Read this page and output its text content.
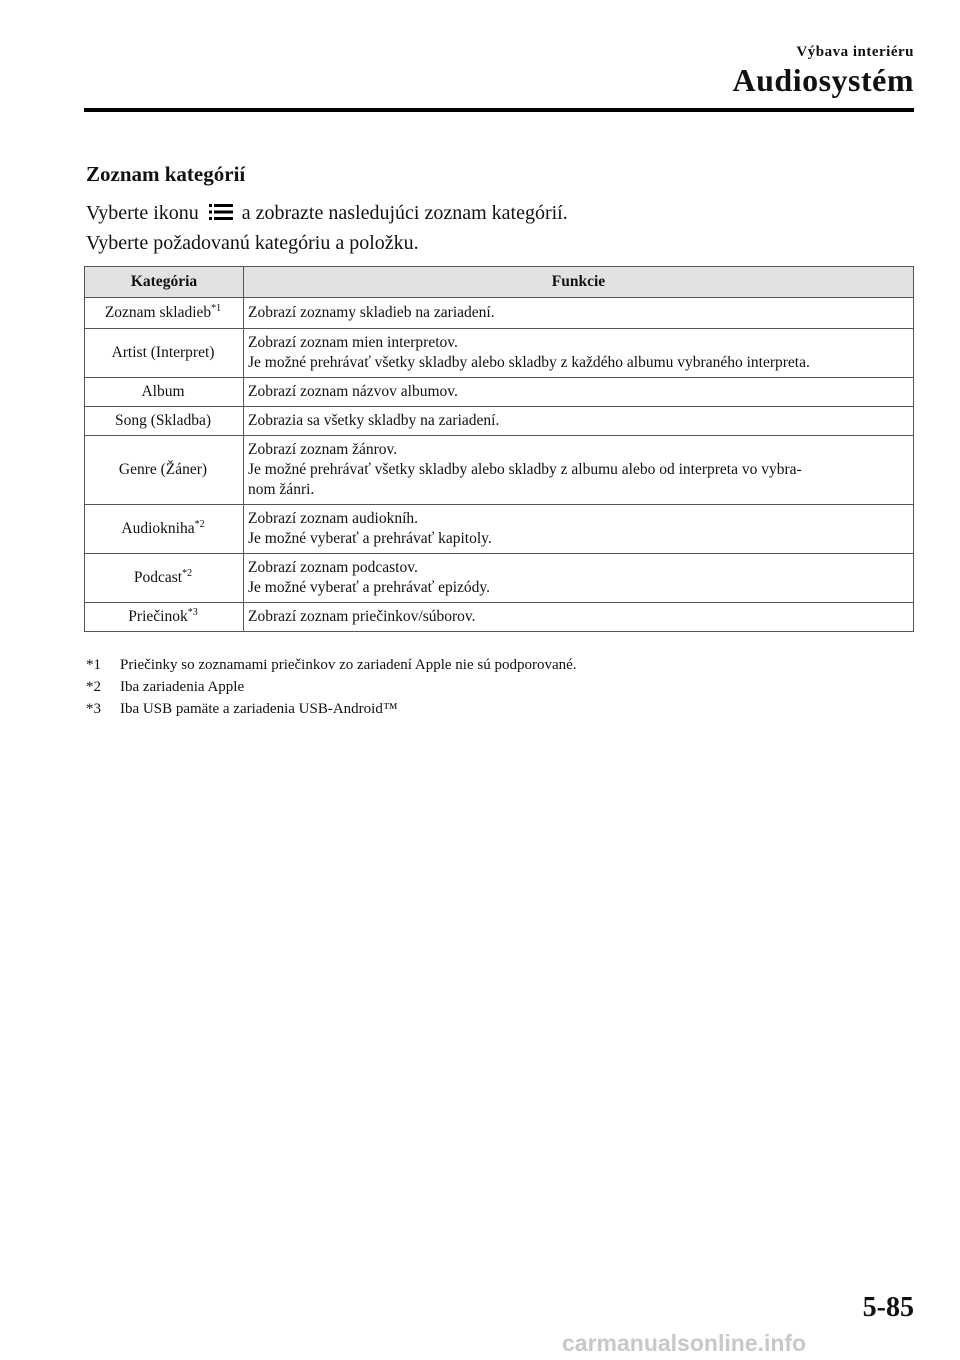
Výbava interiéru
Audiosystém
Zoznam kategórií
Vyberte ikonu a zobrazte nasledujúci zoznam kategórií.
Vyberte požadovanú kategóriu a položku.
Kategória	Funkcie
Zoznam skladieb$^{*1}$	Zobrazí zoznamy skladieb na zariadení.

Artist (Interpret)	Zobrazí zoznam mien interpretov.
Je možné prehrávať všetky skladby alebo skladby z každého albumu vybraného interpreta.

Album	Zobrazí zoznam názvov albumov.

Song (Skladba)	Zobrazia sa všetky skladby na zariadení.

Genre (Žáner)	Zobrazí zoznam žánrov.
Je možné prehrávať všetky skladby alebo skladby z albumu alebo od interpreta vo vybra-
nom žánri.

Audiokniha$^{*2}$	Zobrazí zoznam audiokníh.
Je možné vyberať a prehrávať kapitoly.

Podcast$^{*2}$	Zobrazí zoznam podcastov.
Je možné vyberať a prehrávať epizódy.

Priečinok$^{*3}$	Zobrazí zoznam priečinkov/súborov.
*1 Priečinky so zoznamami priečinkov zo zariadení Apple nie sú podporované.
*2 Iba zariadenia Apple
*3 Iba USB pamäte a zariadenia USB-Android™
5-85
carmanualsonline.info
